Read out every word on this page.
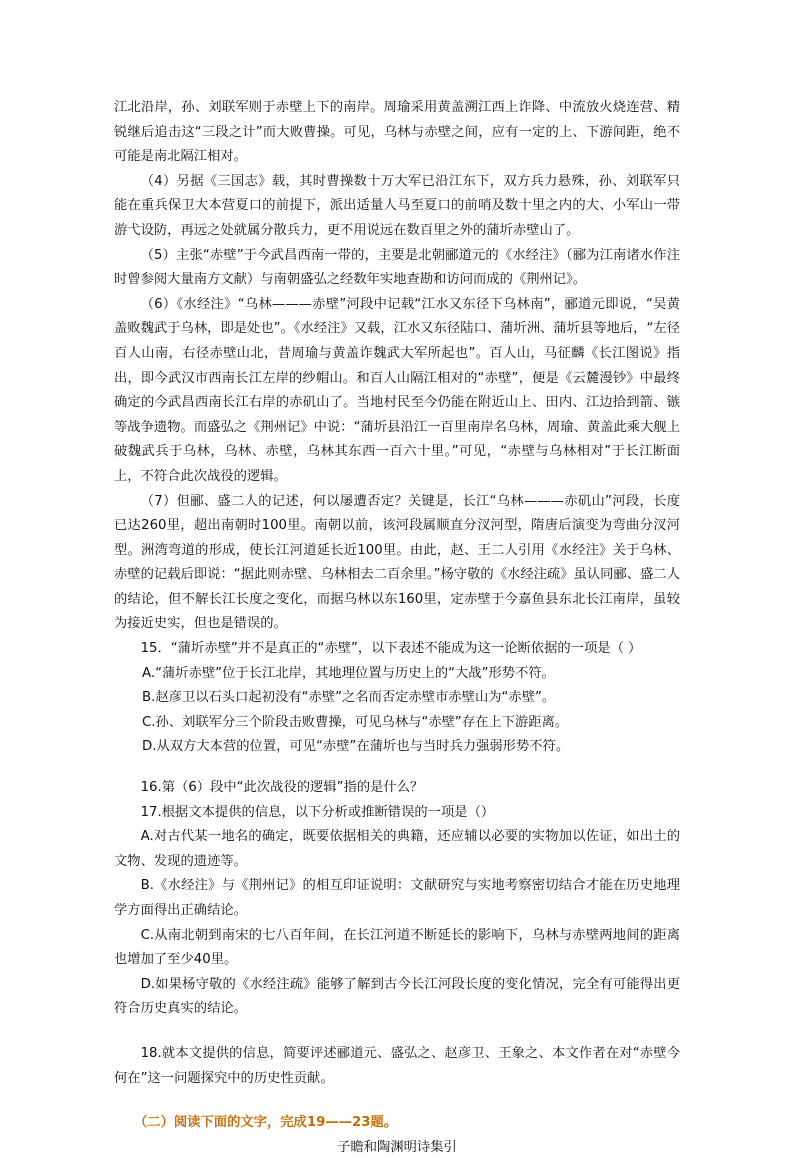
江北沿岸，孙、刘联军则于赤壁上下的南岸。周瑜采用黄盖溯江西上诈降、中流放火烧连营、精锐继后追击这“三段之计”而大败曹操。可见，乌林与赤壁之间，应有一定的上、下游间距，绝不可能是南北隔江相对。

（4）另据《三国志》载，其时曹操数十万大军已沿江东下，双方兵力悬殊，孙、刘联军只能在重兵保卫大本营夏口的前提下，派出适量人马至夏口的前哨及数十里之内的大、小军山一带游弋设防，再远之处就属分散兵力，更不用说远在数百里之外的蒲圻赤壁山了。

（5）主张“赤壁”于今武昌西南一带的，主要是北朝郦道元的《水经注》（郦为江南诸水作注时曾参阅大量南方文献）与南朝盛弘之经数年实地查勘和访问而成的《荆州记》。

（6）《水经注》“乌林———赤壁”河段中记载“江水又东径下乌林南”，郦道元即说，“吴黄盖败魏武于乌林，即是处也”。《水经注》又载，江水又东径陆口、蒲圻洲、蒲圻县等地后，“左径百人山南，右径赤壁山北，昔周瑜与黄盖诈魏武大军所起也”。百人山，马征麟《长江图说》指出，即今武汉市西南长江左岸的纱帽山。和百人山隔江相对的“赤壁”，便是《云麓漫钞》中最终确定的今武昌西南长江右岸的赤矶山了。当地村民至今仍能在附近山上、田内、江边拾到箭、镞等战争遗物。而盛弘之《荆州记》中说：“蒲圻县沿江一百里南岸名乌林，周瑜、黄盖此乘大舰上破魏武兵于乌林，乌林、赤壁，乌林其东西一百六十里。”可见，“赤壁与乌林相对”于长江断面上，不符合此次战役的逻辑。

（7）但郦、盛二人的记述，何以屡遭否定？关键是，长江“乌林———赤矶山”河段，长度已达260里，超出南朝时100里。南朝以前，该河段属顺直分汊河型，隋唐后演变为弯曲分汊河型。洲湾弯道的形成，使长江河道延长近100里。由此，赵、王二人引用《水经注》关于乌林、赤壁的记载后即说：“据此则赤壁、乌林相去二百余里。”杨守敬的《水经注疏》虽认同郦、盛二人的结论，但不解长江长度之变化，而据乌林以东160里，定赤壁于今嘉鱼县东北长江南岸，虽较为接近史实，但也是错误的。

15．“蒲圻赤壁”并不是真正的“赤壁”，以下表述不能成为这一论断依据的一项是（ ）

A.“蒲圻赤壁”位于长江北岸，其地理位置与历史上的“大战”形势不符。

B.赵彦卫以石头口起初没有“赤壁”之名而否定赤壁市赤壁山为“赤壁”。

C.孙、刘联军分三个阶段击败曹操，可见乌林与“赤壁”存在上下游距离。

D.从双方大本营的位置，可见“赤壁”在蒲圻也与当时兵力强弱形势不符。

16.第（6）段中“此次战役的逻辑”指的是什么？

17.根据文本提供的信息，以下分析或推断错误的一项是（）

A.对古代某一地名的确定，既要依据相关的典籍，还应辅以必要的实物加以佐证，如出土的文物、发现的遗迹等。

B.《水经注》与《荆州记》的相互印证说明：文献研究与实地考察密切结合才能在历史地理学方面得出正确结论。

C.从南北朝到南宋的七八百年间，在长江河道不断延长的影响下，乌林与赤壁两地间的距离也增加了至少40里。

D.如果杨守敬的《水经注疏》能够了解到古今长江河段长度的变化情况，完全有可能得出更符合历史真实的结论。

18.就本文提供的信息，简要评述郦道元、盛弘之、赵彦卫、王象之、本文作者在对“赤壁今何在”这一问题探究中的历史性贡献。

（二）阅读下面的文字，完成19——23题。

子瞻和陶渊明诗集引
